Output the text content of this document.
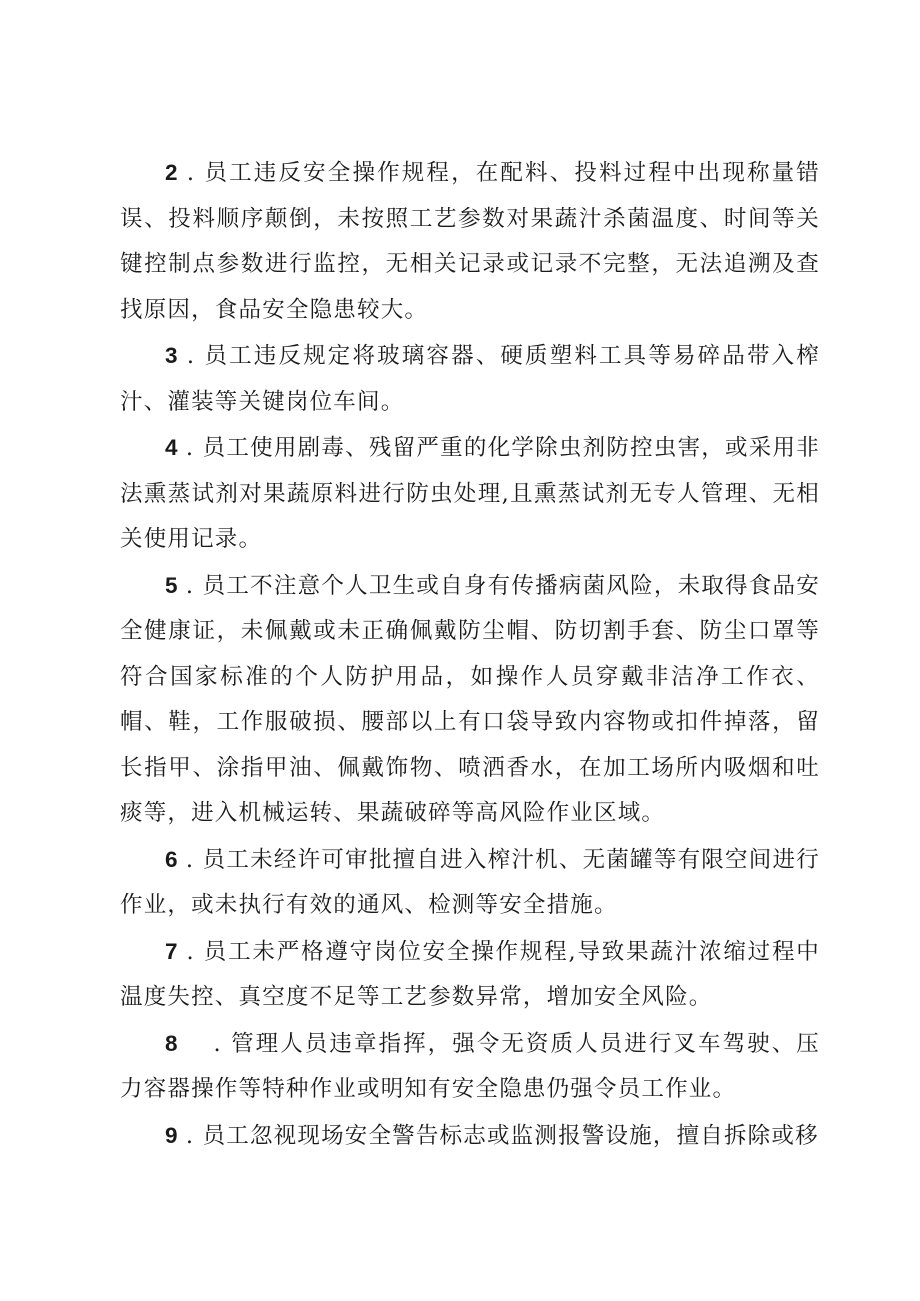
2 . 员工违反安全操作规程，在配料、投料过程中出现称量错误、投料顺序颠倒，未按照工艺参数对果蔬汁杀菌温度、时间等关键控制点参数进行监控，无相关记录或记录不完整，无法追溯及查找原因，食品安全隐患较大。

3 . 员工违反规定将玻璃容器、硬质塑料工具等易碎品带入榨汁、灌装等关键岗位车间。

4 . 员工使用剧毒、残留严重的化学除虫剂防控虫害，或采用非法熏蒸试剂对果蔬原料进行防虫处理,且熏蒸试剂无专人管理、无相关使用记录。

5 . 员工不注意个人卫生或自身有传播病菌风险，未取得食品安全健康证，未佩戴或未正确佩戴防尘帽、防切割手套、防尘口罩等符合国家标准的个人防护用品，如操作人员穿戴非洁净工作衣、帽、鞋，工作服破损、腰部以上有口袋导致内容物或扣件掉落，留长指甲、涂指甲油、佩戴饰物、喷洒香水，在加工场所内吸烟和吐痰等，进入机械运转、果蔬破碎等高风险作业区域。

6 . 员工未经许可审批擅自进入榨汁机、无菌罐等有限空间进行作业，或未执行有效的通风、检测等安全措施。

7 . 员工未严格遵守岗位安全操作规程,导致果蔬汁浓缩过程中温度失控、真空度不足等工艺参数异常，增加安全风险。

8 . 管理人员违章指挥，强令无资质人员进行叉车驾驶、压力容器操作等特种作业或明知有安全隐患仍强令员工作业。

9 . 员工忽视现场安全警告标志或监测报警设施，擅自拆除或移
